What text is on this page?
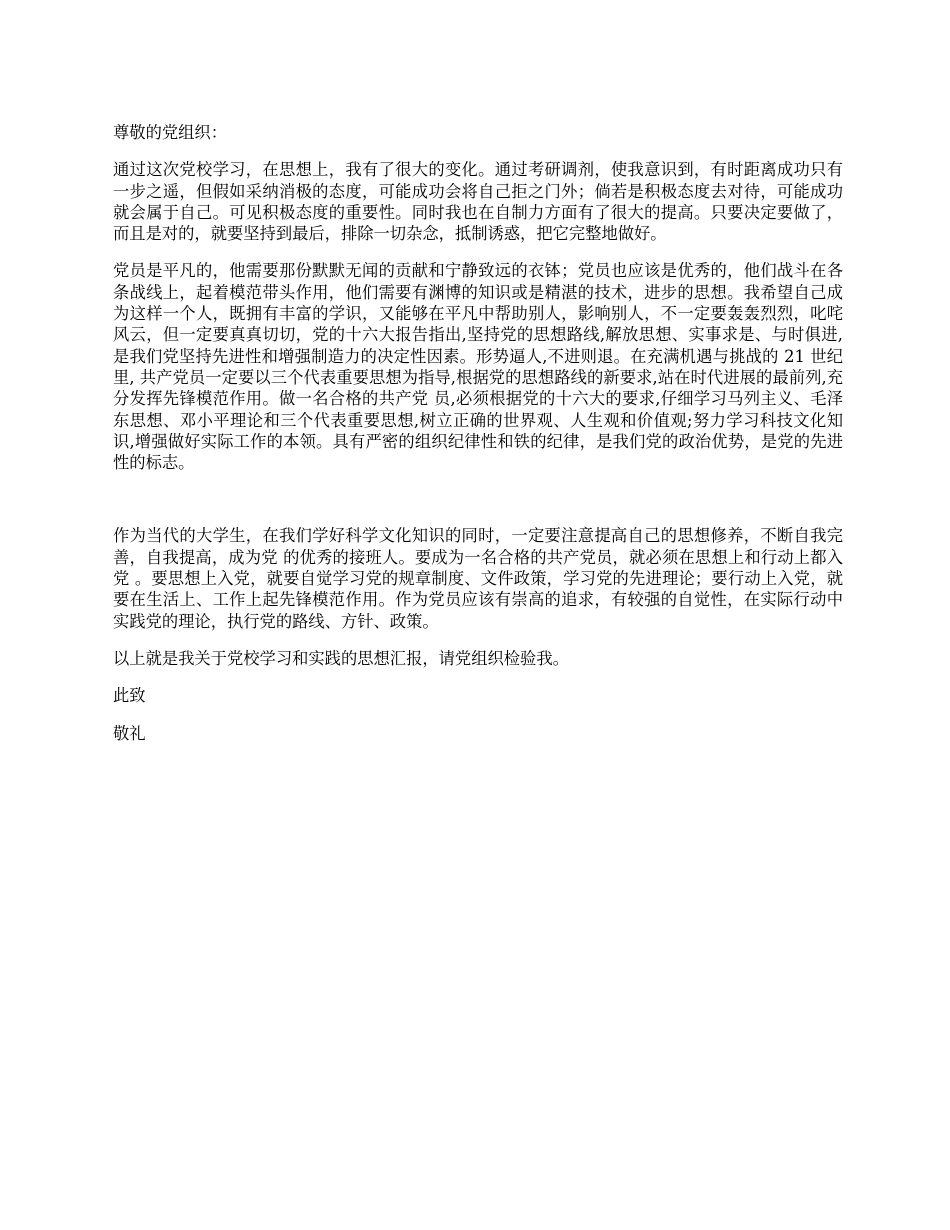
尊敬的党组织：

通过这次党校学习，在思想上，我有了很大的变化。通过考研调剂，使我意识到，有时距离成功只有一步之遥，但假如采纳消极的态度，可能成功会将自己拒之门外；倘若是积极态度去对待，可能成功就会属于自己。可见积极态度的重要性。同时我也在自制力方面有了很大的提高。只要决定要做了，而且是对的，就要坚持到最后，排除一切杂念，抵制诱惑，把它完整地做好。

党员是平凡的，他需要那份默默无闻的贡献和宁静致远的衣钵；党员也应该是优秀的，他们战斗在各条战线上，起着模范带头作用，他们需要有渊博的知识或是精湛的技术，进步的思想。我希望自己成为这样一个人，既拥有丰富的学识，又能够在平凡中帮助别人，影响别人，不一定要轰轰烈烈，叱咤风云，但一定要真真切切，党的十六大报告指出,坚持党的思想路线,解放思想、实事求是、与时俱进,是我们党坚持先进性和增强制造力的决定性因素。形势逼人,不进则退。在充满机遇与挑战的 21 世纪里, 共产党员一定要以三个代表重要思想为指导,根据党的思想路线的新要求,站在时代进展的最前列,充分发挥先锋模范作用。做一名合格的共产党 员,必须根据党的十六大的要求,仔细学习马列主义、毛泽东思想、邓小平理论和三个代表重要思想,树立正确的世界观、人生观和价值观;努力学习科技文化知识,增强做好实际工作的本领。具有严密的组织纪律性和铁的纪律，是我们党的政治优势，是党的先进性的标志。

作为当代的大学生，在我们学好科学文化知识的同时，一定要注意提高自己的思想修养，不断自我完善，自我提高，成为党 的优秀的接班人。要成为一名合格的共产党员，就必须在思想上和行动上都入党 。要思想上入党，就要自觉学习党的规章制度、文件政策，学习党的先进理论；要行动上入党，就要在生活上、工作上起先锋模范作用。作为党员应该有崇高的追求，有较强的自觉性，在实际行动中实践党的理论，执行党的路线、方针、政策。

以上就是我关于党校学习和实践的思想汇报，请党组织检验我。

此致

敬礼
